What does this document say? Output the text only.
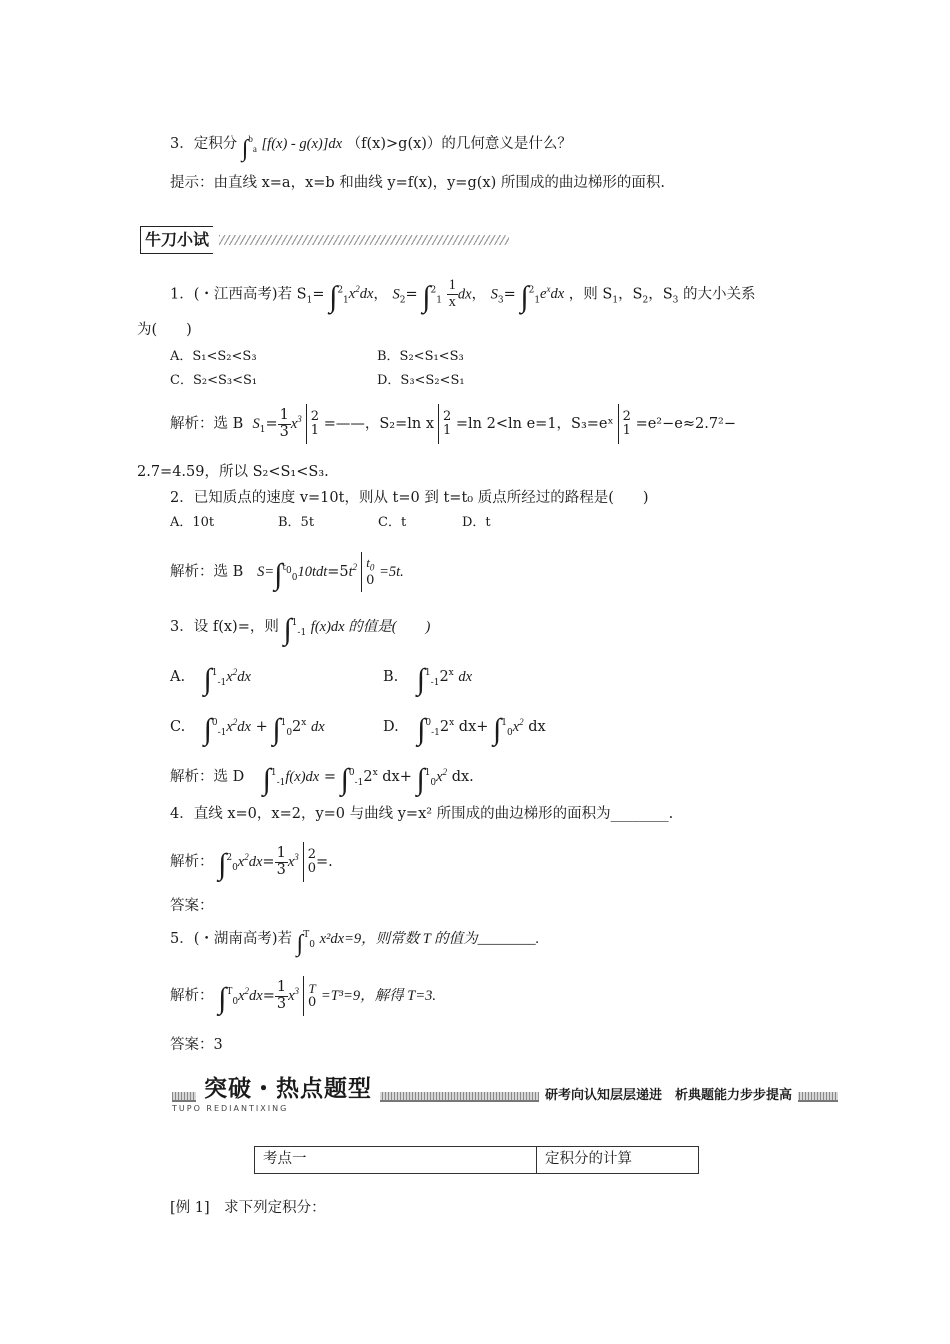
3．定积分 ∫$^b_a$ [f(x) - g(x)]dx （f(x)>g(x)）的几何意义是什么？
提示：由直线 x=a，x=b 和曲线 y=f(x)，y=g(x) 所围成的曲边梯形的面积.
牛刀小试
1．(・江西高考)若 $S_1= \int^2_1x^2dx$， $S_2= \int^2_1 \frac{1}{x}$ dx， $S_3= \int^2_1e^xdx$ ，则 $S_1$，$S_2$，$S_3$ 的大小关系
为(　　)
A．S₁<S₂<S₃	B．S₂<S₁<S₃
C．S₂<S₃<S₁	D．S₃<S₂<S₁
解析：选 B $S_1= \frac{1}{3} x^3$ 2
1 =——，S₂=ln x 2
1 =ln 2<ln e=1，S₃=eˣ 2
1 =e²−e≈2.7²−
2.7=4.59，所以 S₂<S₁<S₃.
2．已知质点的速度 v=10t，则从 t=0 到 t=t₀ 质点所经过的路程是(　　)
A．10t	B．5t	C．t	D．t
解析：选 B $S=\int^{t_0}_010tdt=5t^2$ $t_0$
0
=5t.
3．设 f(x)=，则 ∫$^1_{-1}$ f(x)dx 的值是(　　)
A. $\int^1_{-1}x^2dx$	B. $\int^1_{-1}2^x$ dx
C. $\int^0_{-1}x^2dx + \int^1_02^x$ dx	D. $\int^0_{-1}2^x$ $dx+ \int^1_0x^2$ dx
解析：选 D $\int^1_{-1}f(x)dx = \int^0_{-1}2^x$ $dx+ \int^1_0x^2$ dx.
4．直线 x=0，x=2，y=0 与曲线 y=x² 所围成的曲边梯形的面积为________.
解析： $\int^2_0x^2dx= \frac{1}{3} x^3$ 2
0 =.
答案：
5．(・湖南高考)若 ∫$^T_0$ x²dx=9，则常数 T 的值为________.
解析： $\int^T_0x^2dx= \frac{1}{3} x^3$ T
0 =T³=9，解得 T=3.
答案：3
突破・热点题型
TUPO REDIANTIXING
研考向认知层层递进　析典题能力步步提高
考点一	定积分的计算
[例 1]　求下列定积分：
